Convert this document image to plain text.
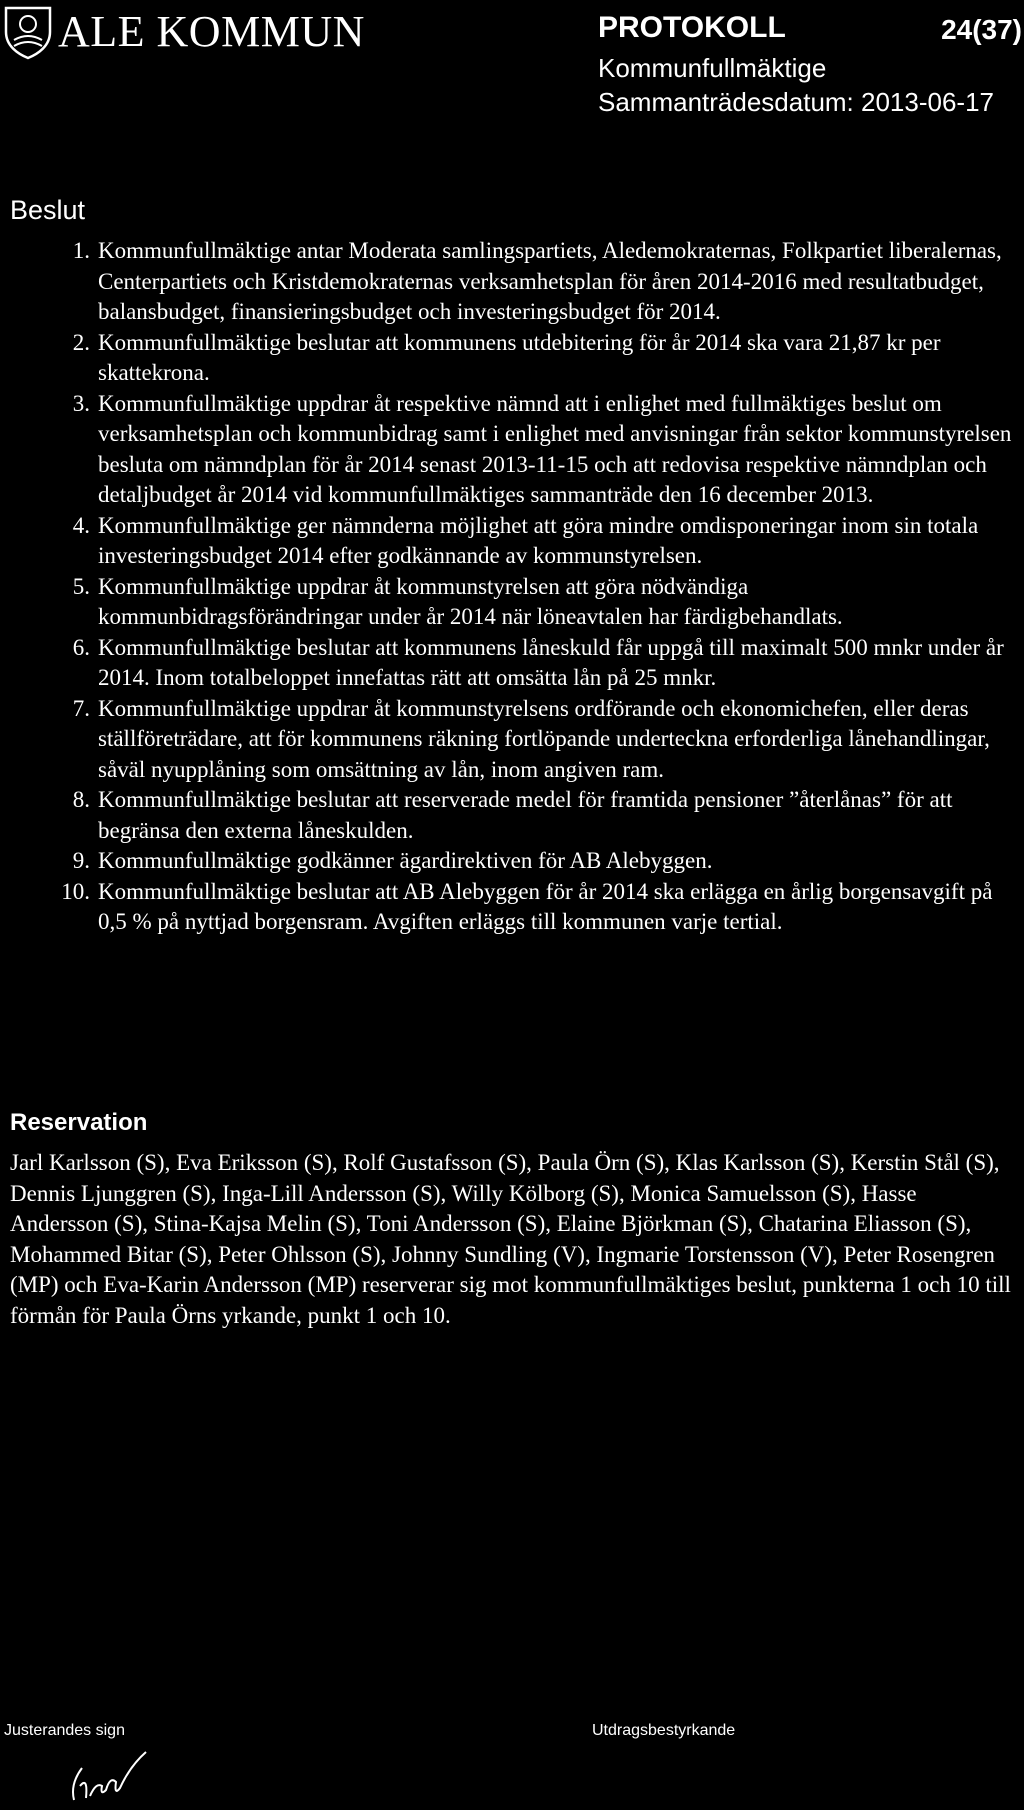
ALE KOMMUN	PROTOKOLL	24(37)
Kommunfullmäktige
Sammanträdesdatum: 2013-06-17
Beslut
1. Kommunfullmäktige antar Moderata samlingspartiets, Aledemokraternas, Folkpartiet liberalernas, Centerpartiets och Kristdemokraternas verksamhetsplan för åren 2014-2016 med resultatbudget, balansbudget, finansieringsbudget och investeringsbudget för 2014.
2. Kommunfullmäktige beslutar att kommunens utdebitering för år 2014 ska vara 21,87 kr per skattekrona.
3. Kommunfullmäktige uppdrar åt respektive nämnd att i enlighet med fullmäktiges beslut om verksamhetsplan och kommunbidrag samt i enlighet med anvisningar från sektor kommunstyrelsen besluta om nämndplan för år 2014 senast 2013-11-15 och att redovisa respektive nämndplan och detaljbudget år 2014 vid kommunfullmäktiges sammanträde den 16 december 2013.
4. Kommunfullmäktige ger nämnderna möjlighet att göra mindre omdisponeringar inom sin totala investeringsbudget 2014 efter godkännande av kommunstyrelsen.
5. Kommunfullmäktige uppdrar åt kommunstyrelsen att göra nödvändiga kommunbidragsförändringar under år 2014 när löneavtalen har färdigbehandlats.
6. Kommunfullmäktige beslutar att kommunens låneskuld får uppgå till maximalt 500 mnkr under år 2014. Inom totalbeloppet innefattas rätt att omsätta lån på 25 mnkr.
7. Kommunfullmäktige uppdrar åt kommunstyrelsens ordförande och ekonomichefen, eller deras ställföreträdare, att för kommunens räkning fortlöpande underteckna erforderliga lånehandlingar, såväl nyupplåning som omsättning av lån, inom angiven ram.
8. Kommunfullmäktige beslutar att reserverade medel för framtida pensioner ”återlånas” för att begränsa den externa låneskulden.
9. Kommunfullmäktige godkänner ägardirektiven för AB Alebyggen.
10. Kommunfullmäktige beslutar att AB Alebyggen för år 2014 ska erlägga en årlig borgensavgift på 0,5 % på nyttjad borgensram. Avgiften erläggs till kommunen varje tertial.
Reservation

Jarl Karlsson (S), Eva Eriksson (S), Rolf Gustafsson (S), Paula Örn (S), Klas Karlsson (S), Kerstin Stål (S), Dennis Ljunggren (S), Inga-Lill Andersson (S), Willy Kölborg (S), Monica Samuelsson (S), Hasse Andersson (S), Stina-Kajsa Melin (S), Toni Andersson (S), Elaine Björkman (S), Chatarina Eliasson (S), Mohammed Bitar (S), Peter Ohlsson (S), Johnny Sundling (V), Ingmarie Torstensson (V), Peter Rosengren (MP) och Eva-Karin Andersson (MP) reserverar sig mot kommunfullmäktiges beslut, punkterna 1 och 10 till förmån för Paula Örns yrkande, punkt 1 och 10.

Justerandes sign	Utdragsbestyrkande
